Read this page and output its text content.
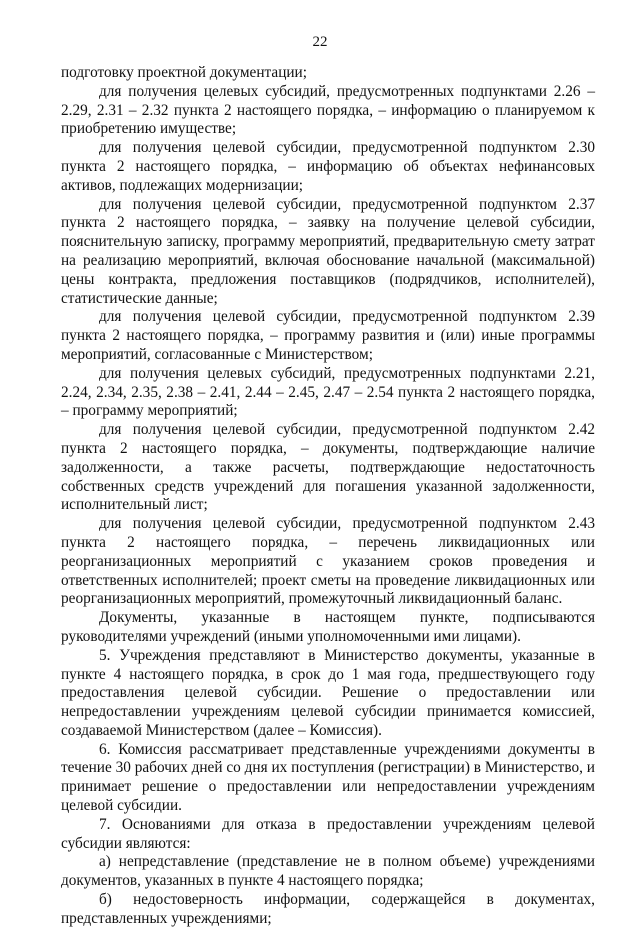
22

подготовку проектной документации;

для получения целевых субсидий, предусмотренных подпунктами 2.26 – 2.29, 2.31 – 2.32 пункта 2 настоящего порядка, – информацию о планируемом к приобретению имуществе;

для получения целевой субсидии, предусмотренной подпунктом 2.30 пункта 2 настоящего порядка, – информацию об объектах нефинансовых активов, подлежащих модернизации;

для получения целевой субсидии, предусмотренной подпунктом 2.37 пункта 2 настоящего порядка, – заявку на получение целевой субсидии, пояснительную записку, программу мероприятий, предварительную смету затрат на реализацию мероприятий, включая обоснование начальной (максимальной) цены контракта, предложения поставщиков (подрядчиков, исполнителей), статистические данные;

для получения целевой субсидии, предусмотренной подпунктом 2.39 пункта 2 настоящего порядка, – программу развития и (или) иные программы мероприятий, согласованные с Министерством;

для получения целевых субсидий, предусмотренных подпунктами 2.21, 2.24, 2.34, 2.35, 2.38 – 2.41, 2.44 – 2.45, 2.47 – 2.54 пункта 2 настоящего порядка, – программу мероприятий;

для получения целевой субсидии, предусмотренной подпунктом 2.42 пункта 2 настоящего порядка, – документы, подтверждающие наличие задолженности, а также расчеты, подтверждающие недостаточность собственных средств учреждений для погашения указанной задолженности, исполнительный лист;

для получения целевой субсидии, предусмотренной подпунктом 2.43 пункта 2 настоящего порядка, – перечень ликвидационных или реорганизационных мероприятий с указанием сроков проведения и ответственных исполнителей; проект сметы на проведение ликвидационных или реорганизационных мероприятий, промежуточный ликвидационный баланс.

Документы, указанные в настоящем пункте, подписываются руководителями учреждений (иными уполномоченными ими лицами).

5. Учреждения представляют в Министерство документы, указанные в пункте 4 настоящего порядка, в срок до 1 мая года, предшествующего году предоставления целевой субсидии. Решение о предоставлении или непредоставлении учреждениям целевой субсидии принимается комиссией, создаваемой Министерством (далее – Комиссия).

6. Комиссия рассматривает представленные учреждениями документы в течение 30 рабочих дней со дня их поступления (регистрации) в Министерство, и принимает решение о предоставлении или непредоставлении учреждениям целевой субсидии.

7. Основаниями для отказа в предоставлении учреждениям целевой субсидии являются:

а) непредставление (представление не в полном объеме) учреждениями документов, указанных в пункте 4 настоящего порядка;

б) недостоверность информации, содержащейся в документах, представленных учреждениями;
